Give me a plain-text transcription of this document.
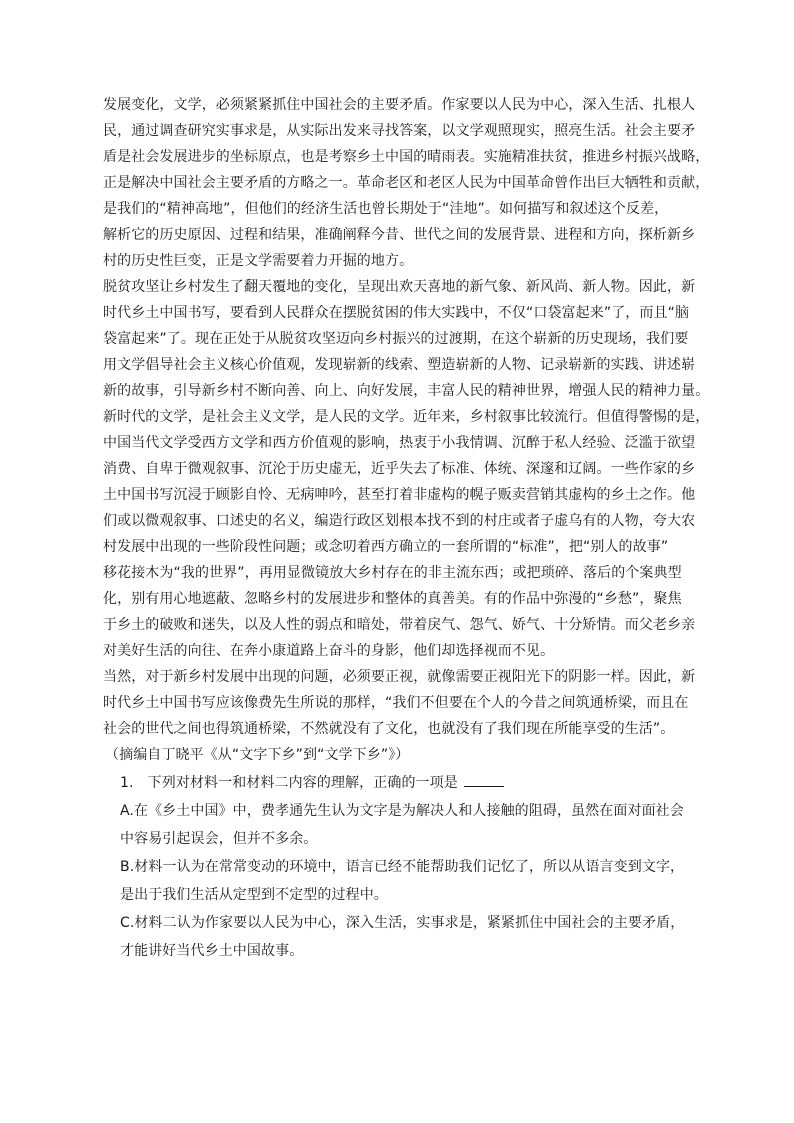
发展变化，文学，必须紧紧抓住中国社会的主要矛盾。作家要以人民为中心，深入生活、扎根人
民，通过调查研究实事求是，从实际出发来寻找答案，以文学观照现实，照亮生活。社会主要矛
盾是社会发展进步的坐标原点，也是考察乡土中国的晴雨表。实施精准扶贫，推进乡村振兴战略，
正是解决中国社会主要矛盾的方略之一。革命老区和老区人民为中国革命曾作出巨大牺牲和贡献，
是我们的“精神高地”，但他们的经济生活也曾长期处于“洼地”。如何描写和叙述这个反差，
解析它的历史原因、过程和结果，准确阐释今昔、世代之间的发展背景、进程和方向，探析新乡
村的历史性巨变，正是文学需要着力开掘的地方。
脱贫攻坚让乡村发生了翻天覆地的变化，呈现出欢天喜地的新气象、新风尚、新人物。因此，新
时代乡土中国书写，要看到人民群众在摆脱贫困的伟大实践中，不仅“口袋富起来”了，而且“脑
袋富起来”了。现在正处于从脱贫攻坚迈向乡村振兴的过渡期，在这个崭新的历史现场，我们要
用文学倡导社会主义核心价值观，发现崭新的线索、塑造崭新的人物、记录崭新的实践、讲述崭
新的故事，引导新乡村不断向善、向上、向好发展，丰富人民的精神世界，增强人民的精神力量。
新时代的文学，是社会主义文学，是人民的文学。近年来，乡村叙事比较流行。但值得警惕的是，
中国当代文学受西方文学和西方价值观的影响，热衷于小我情调、沉醉于私人经验、泛滥于欲望
消费、自卑于微观叙事、沉沦于历史虚无，近乎失去了标准、体统、深邃和辽阔。一些作家的乡
土中国书写沉浸于顾影自怜、无病呻吟，甚至打着非虚构的幌子贩卖营销其虚构的乡土之作。他
们或以微观叙事、口述史的名义，编造行政区划根本找不到的村庄或者子虚乌有的人物，夸大农
村发展中出现的一些阶段性问题；或念叨着西方确立的一套所谓的“标准”，把“别人的故事”
移花接木为“我的世界”，再用显微镜放大乡村存在的非主流东西；或把琐碎、落后的个案典型
化，别有用心地遮蔽、忽略乡村的发展进步和整体的真善美。有的作品中弥漫的“乡愁”，聚焦
于乡土的破败和迷失，以及人性的弱点和暗处，带着戾气、怨气、娇气、十分矫情。而父老乡亲
对美好生活的向往、在奔小康道路上奋斗的身影，他们却选择视而不见。
当然，对于新乡村发展中出现的问题，必须要正视，就像需要正视阳光下的阴影一样。因此，新
时代乡土中国书写应该像费先生所说的那样，“我们不但要在个人的今昔之间筑通桥梁，而且在
社会的世代之间也得筑通桥梁，不然就没有了文化，也就没有了我们现在所能享受的生活”。
（摘编自丁晓平《从“文字下乡”到“文学下乡”》）
1.　下列对材料一和材料二内容的理解，正确的一项是
A.在《乡土中国》中，费孝通先生认为文字是为解决人和人接触的阻碍，虽然在面对面社会
中容易引起误会，但并不多余。
B.材料一认为在常常变动的环境中，语言已经不能帮助我们记忆了，所以从语言变到文字，
是出于我们生活从定型到不定型的过程中。
C.材料二认为作家要以人民为中心，深入生活，实事求是，紧紧抓住中国社会的主要矛盾，
才能讲好当代乡土中国故事。
